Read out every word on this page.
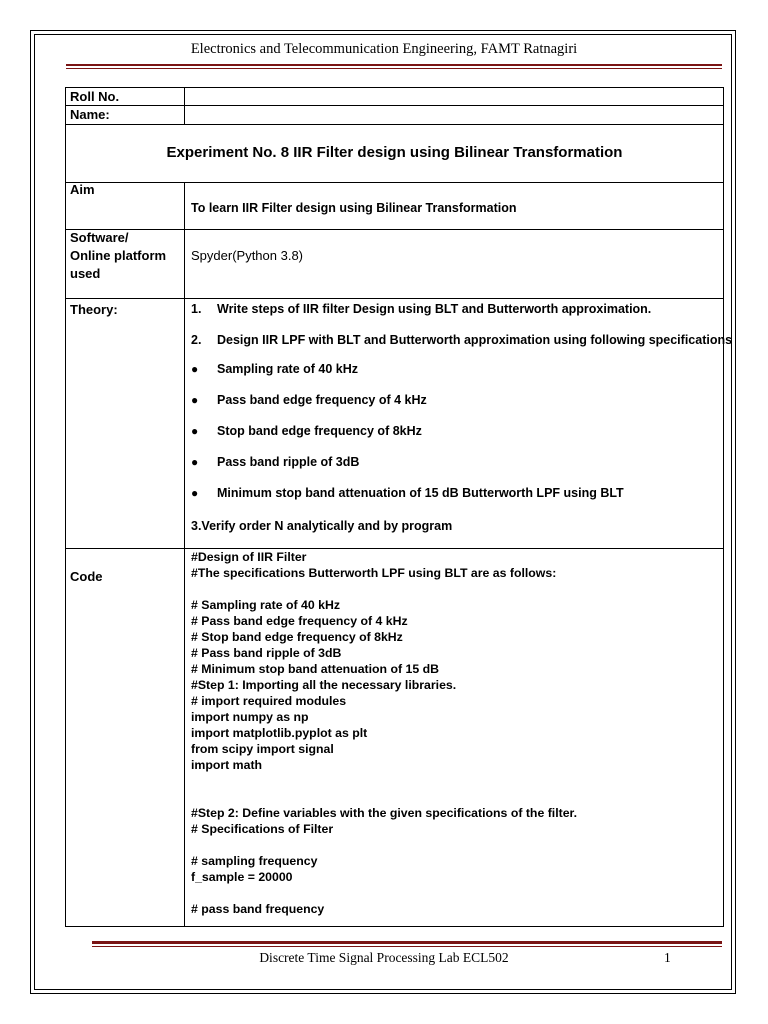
Electronics and Telecommunication Engineering, FAMT Ratnagiri
Roll No.
Name:
Experiment No. 8 IIR Filter design using Bilinear Transformation
Aim
To learn IIR Filter design using Bilinear Transformation
Software/
Online platform
used
Spyder(Python 3.8)
Theory:	1. Write steps of IIR filter Design using BLT and Butterworth approximation.
2. Design IIR LPF with BLT and Butterworth approximation using following specifications
● Sampling rate of 40 kHz
● Pass band edge frequency of 4 kHz
● Stop band edge frequency of 8kHz
● Pass band ripple of 3dB
● Minimum stop band attenuation of 15 dB Butterworth LPF using BLT
3.Verify order N analytically and by program
Code
#Design of IIR Filter
#The specifications Butterworth LPF using BLT are as follows:
# Sampling rate of 40 kHz
# Pass band edge frequency of 4 kHz
# Stop band edge frequency of 8kHz
# Pass band ripple of 3dB
# Minimum stop band attenuation of 15 dB
#Step 1: Importing all the necessary libraries.
# import required modules
import numpy as np
import matplotlib.pyplot as plt
from scipy import signal
import math
#Step 2: Define variables with the given specifications of the filter.
# Specifications of Filter
# sampling frequency
f_sample = 20000
# pass band frequency
Discrete Time Signal Processing Lab ECL502	1
